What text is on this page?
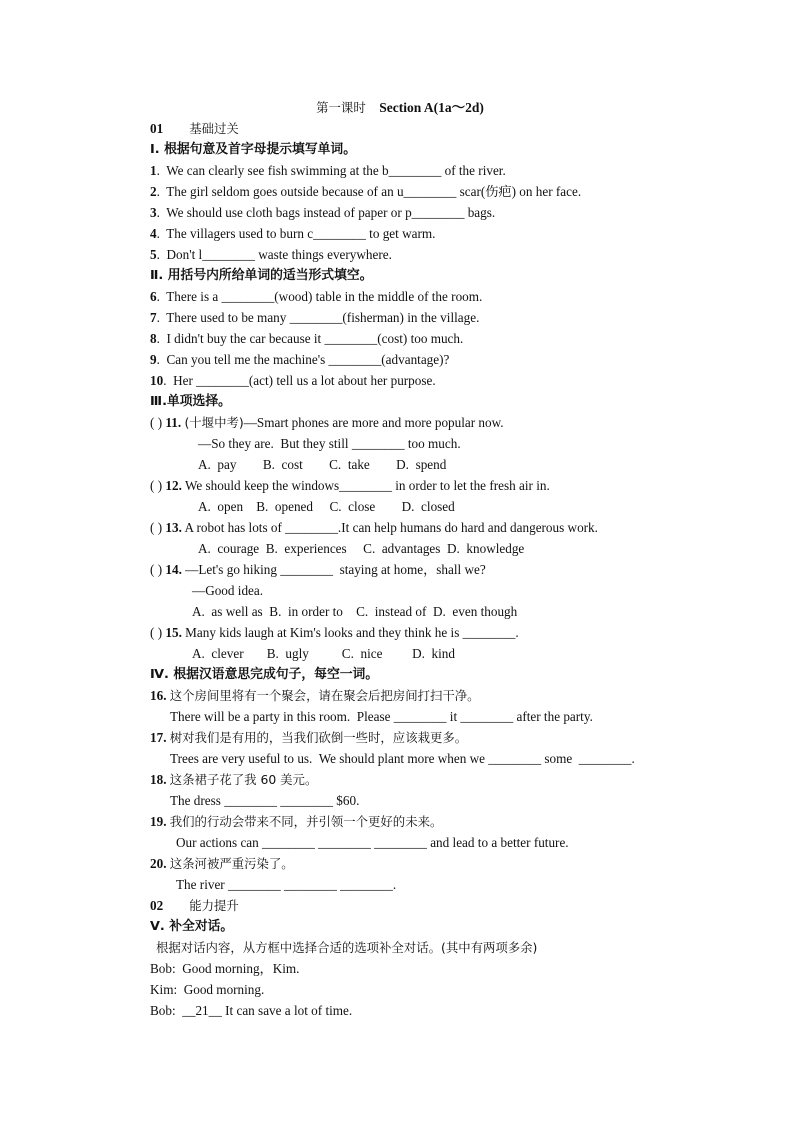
第一课时 Section A(1a～2d)
01 基础过关
Ⅰ. 根据句意及首字母提示填写单词。
1.  We can clearly see fish swimming at the b________ of the river.
2.  The girl seldom goes outside because of an u________ scar(伤疤) on her face.
3.  We should use cloth bags instead of paper or p________ bags.
4.  The villagers used to burn c________ to get warm.
5.  Don't l________ waste things everywhere.
Ⅱ. 用括号内所给单词的适当形式填空。
6.  There is a ________(wood) table in the middle of the room.
7.  There used to be many ________(fisherman) in the village.
8.  I didn't buy the car because it ________(cost) too much.
9.  Can you tell me the machine's ________(advantage)?
10.  Her ________(act) tell us a lot about her purpose.
Ⅲ.单项选择。
( ) 11. (十堰中考)—Smart phones are more and more popular now.
—So they are.  But they still ________ too much.
A.  pay        B.  cost        C.  take        D.  spend
( ) 12. We should keep the windows________ in order to let the fresh air in.
A.  open    B.  opened     C.  close        D.  closed
( ) 13. A robot has lots of ________.It can help humans do hard and dangerous work.
A.  courage  B.  experiences     C.  advantages  D.  knowledge
( ) 14. —Let's go hiking ________  staying at home，shall we?
—Good idea.
A.  as well as  B.  in order to    C.  instead of  D.  even though
( ) 15. Many kids laugh at Kim's looks and they think he is ________.
A.  clever       B.  ugly          C.  nice         D.  kind
Ⅳ. 根据汉语意思完成句子，每空一词。
16. 这个房间里将有一个聚会，请在聚会后把房间打扫干净。
There will be a party in this room.  Please ________ it ________ after the party.
17. 树对我们是有用的，当我们砍倒一些时，应该栽更多。
Trees are very useful to us.  We should plant more when we ________ some  ________.
18. 这条裙子花了我 60 美元。
The dress ________ ________ $60.
19. 我们的行动会带来不同，并引领一个更好的未来。
Our actions can ________ ________ ________ and lead to a better future.
20. 这条河被严重污染了。
The river ________ ________ ________.
02 能力提升
Ⅴ. 补全对话。
根据对话内容，从方框中选择合适的选项补全对话。(其中有两项多余)
Bob: Good morning，Kim.
Kim: Good morning.
Bob: __21__ It can save a lot of time.
